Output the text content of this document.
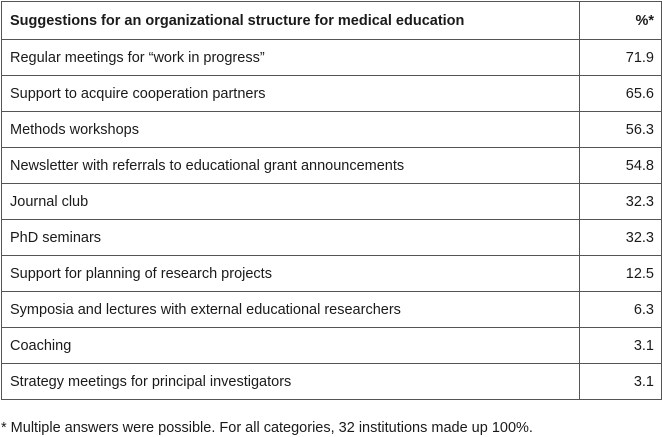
Suggestions for an organizational structure for medical education	%*
Regular meetings for “work in progress”	71.9
Support to acquire cooperation partners	65.6
Methods workshops	56.3
Newsletter with referrals to educational grant announcements	54.8
Journal club	32.3
PhD seminars	32.3
Support for planning of research projects	12.5
Symposia and lectures with external educational researchers	6.3
Coaching	3.1
Strategy meetings for principal investigators	3.1
* Multiple answers were possible. For all categories, 32 institutions made up 100%.
